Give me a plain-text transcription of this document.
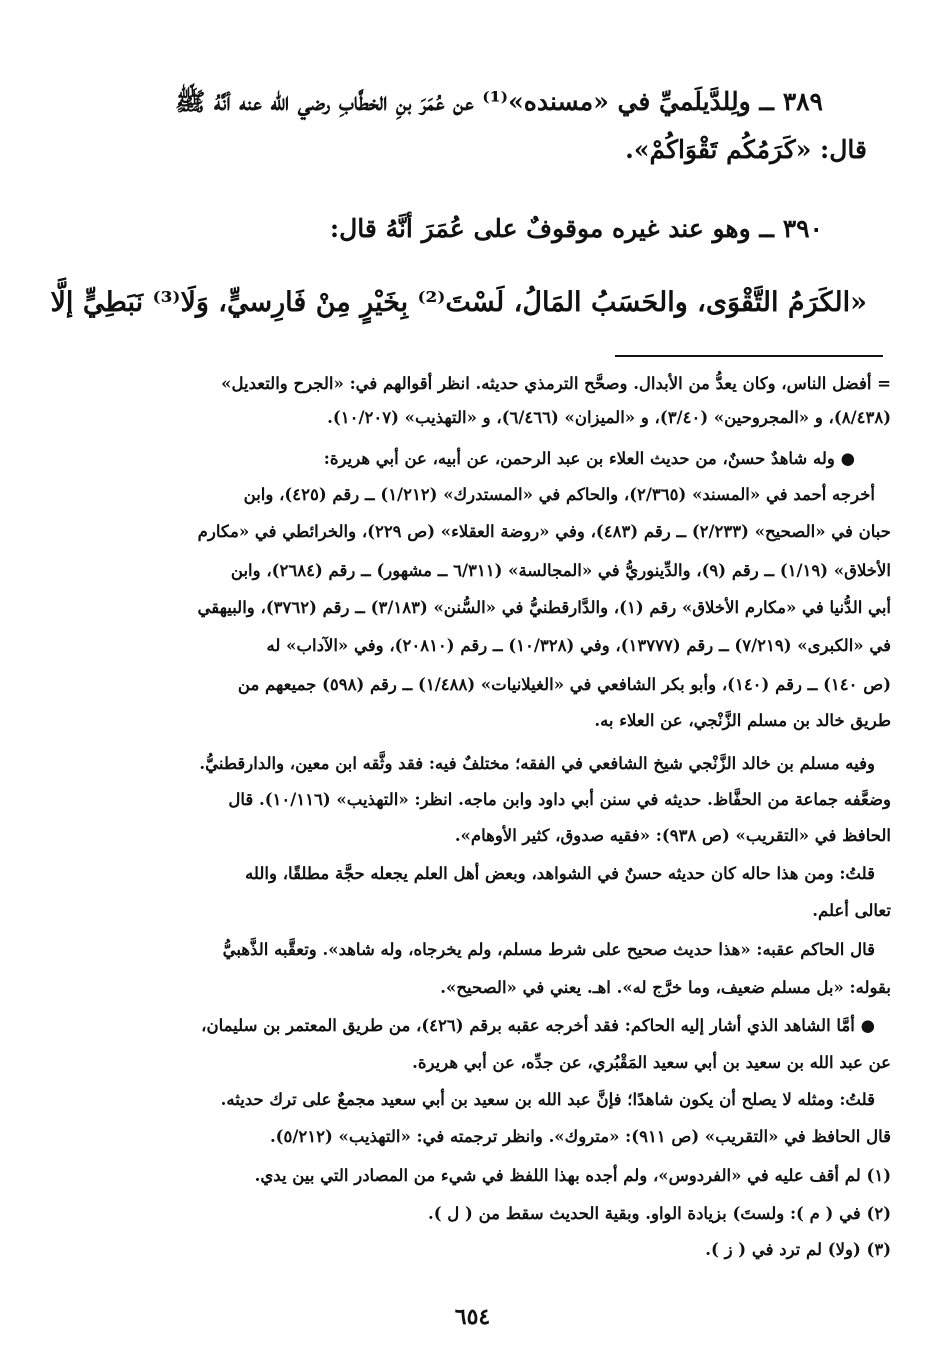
٣٨٩ ــ ولِلدَّيلَميِّ في «مسنده»⁽¹⁾ عن عُمَرَ بنِ الخطَّابِ رضي الله عنه أنَّهُ ﷺ
قال: «كَرَمُكُم تَقْوَاكُمْ».
٣٩٠ ــ وهو عند غيره موقوفٌ على عُمَرَ أنَّهُ قال:
«الكَرَمُ التَّقْوَى، والحَسَبُ المَالُ، لَسْتَ⁽²⁾ بِخَيْرٍ مِنْ فَارِسيٍّ، وَلَا⁽³⁾ نَبَطِيٍّ إلَّا
= أفضل الناس، وكان يعدُّ من الأبدال. وصحَّح الترمذي حديثه. انظر أقوالهم في: «الجرح والتعديل»
(٨/٤٣٨)، و «المجروحين» (٣/٤٠)، و «الميزان» (٦/٤٦٦)، و «التهذيب» (١٠/٢٠٧).
● وله شاهدٌ حسنٌ، من حديث العلاء بن عبد الرحمن، عن أبيه، عن أبي هريرة:
أخرجه أحمد في «المسند» (٢/٣٦٥)، والحاكم في «المستدرك» (١/٢١٢) ــ رقم (٤٢٥)، وابن
حبان في «الصحيح» (٢/٢٣٣) ــ رقم (٤٨٣)، وفي «روضة العقلاء» (ص ٢٢٩)، والخرائطي في «مكارم
الأخلاق» (١/١٩) ــ رقم (٩)، والدِّينوريُّ في «المجالسة» (٦/٣١١ ــ مشهور) ــ رقم (٢٦٨٤)، وابن
أبي الدُّنيا في «مكارم الأخلاق» رقم (١)، والدَّارقطنيُّ في «السُّنن» (٣/١٨٣) ــ رقم (٣٧٦٢)، والبيهقي
في «الكبرى» (٧/٢١٩) ــ رقم (١٣٧٧٧)، وفي (١٠/٣٢٨) ــ رقم (٢٠٨١٠)، وفي «الآداب» له
(ص ١٤٠) ــ رقم (١٤٠)، وأبو بكر الشافعي في «الغيلانيات» (١/٤٨٨) ــ رقم (٥٩٨) جميعهم من
طريق خالد بن مسلم الزَّنْجي، عن العلاء به.
وفيه مسلم بن خالد الزَّنْجي شيخ الشافعي في الفقه؛ مختلفٌ فيه: فقد وثَّقه ابن معين، والدارقطنيُّ.
وضعَّفه جماعة من الحفَّاظ. حديثه في سنن أبي داود وابن ماجه. انظر: «التهذيب» (١٠/١١٦). قال
الحافظ في «التقريب» (ص ٩٣٨): «فقيه صدوق، كثير الأوهام».
قلتُ: ومن هذا حاله كان حديثه حسنٌ في الشواهد، وبعض أهل العلم يجعله حجَّة مطلقًا، والله
تعالى أعلم.
قال الحاكم عقبه: «هذا حديث صحيح على شرط مسلم، ولم يخرجاه، وله شاهد». وتعقَّبه الذَّهبيُّ
بقوله: «بل مسلم ضعيف، وما خرَّج له». اهـ. يعني في «الصحيح».
● أمَّا الشاهد الذي أشار إليه الحاكم: فقد أخرجه عقبه برقم (٤٢٦)، من طريق المعتمر بن سليمان،
عن عبد الله بن سعيد بن أبي سعيد المَقْبُري، عن جدِّه، عن أبي هريرة.
قلتُ: ومثله لا يصلح أن يكون شاهدًا؛ فإنَّ عبد الله بن سعيد بن أبي سعيد مجمعٌ على ترك حديثه.
قال الحافظ في «التقريب» (ص ٩١١): «متروك». وانظر ترجمته في: «التهذيب» (٥/٢١٢).
(١) لم أقف عليه في «الفردوس»، ولم أجده بهذا اللفظ في شيء من المصادر التي بين يدي.
(٢) في ( م ): ولستَ) بزيادة الواو. وبقية الحديث سقط من ( ل ).
(٣) (ولا) لم ترد في ( ز ).
٦٥٤
